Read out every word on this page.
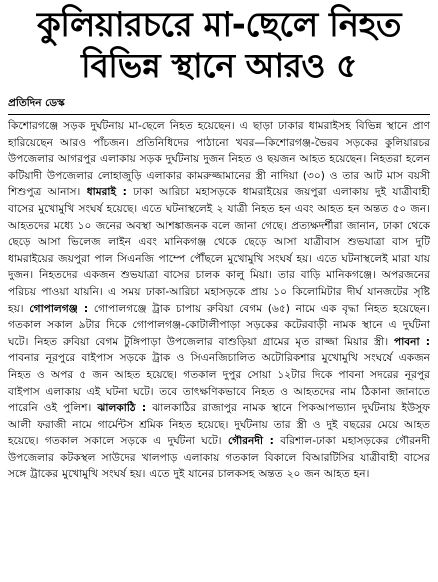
কুলিয়ারচরে মা-ছেলে নিহত
বিভিন্ন স্থানে আরও ৫
প্রতিদিন ডেস্ক

কিশোরগঞ্জে সড়ক দুর্ঘটনায় মা-ছেলে নিহত হয়েছেন। এ ছাড়া ঢাকার ধামরাইসহ বিভিন্ন স্থানে প্রাণ হারিয়েছেন আরও পাঁচজন। প্রতিনিধিদের পাঠানো খবর—কিশোরগঞ্জ-ভৈরব সড়কের কুলিয়ারচর উপজেলার আগরপুর এলাকায় সড়ক দুর্ঘটনায় দুজন নিহত ও ছয়জন আহত হয়েছেন। নিহতরা হলেন কটিয়াদী উপজেলার লোহাজুড়ি এলাকার কামরুজ্জামানের স্ত্রী নাদিয়া (৩০) ও তার আট মাস বয়সী শিশুপুত্র আনাস। ধামরাই : ঢাকা আরিচা মহাসড়কে ধামরাইয়ের জয়পুরা এলাকায় দুই যাত্রীবাহী বাসের মুখোমুখি সংঘর্ষ হয়েছে। এতে ঘটনাস্থলেই ২ যাত্রী নিহত হন এবং আহত হন অন্তত ৫০ জন। আহতদের মধ্যে ১০ জনের অবস্থা আশঙ্কাজনক বলে জানা গেছে। প্রত্যক্ষদর্শীরা জানান, ঢাকা থেকে ছেড়ে আসা ভিলেজ লাইন এবং মানিকগঞ্জ থেকে ছেড়ে আসা যাত্রীবাস শুভযাত্রা বাস দুটি ধামরাইয়ের জয়পুরা পাল সিএনজি পাম্পে পৌঁছলে মুখোমুখি সংঘর্ষ হয়। এতে ঘটনাস্থলেই মারা যায় দুজন। নিহতদের একজন শুভযাত্রা বাসের চালক কালু মিয়া। তার বাড়ি মানিকগঞ্জে। অপরজনের পরিচয় পাওয়া যায়নি। এ সময় ঢাকা-আরিচা মহাসড়কে প্রায় ১০ কিলোমিটার দীর্ঘ যানজটের সৃষ্টি হয়। গোপালগঞ্জ : গোপালগঞ্জে ট্রাক চাপায় রুবিয়া বেগম (৬৫) নামে এক বৃদ্ধা নিহত হয়েছেন। গতকাল সকাল ৯টার দিকে গোপালগঞ্জ-কোটালীপাড়া সড়কের কটেরবাড়ী নামক স্থানে এ দুর্ঘটনা ঘটে। নিহত রুবিয়া বেগম টুঙ্গিপাড়া উপজেলার বাশুড়িয়া গ্রামের মৃত রাজ্জা মিয়ার স্ত্রী। পাবনা : পাবনার নূরপুরে বাইপাস সড়কে ট্রাক ও সিএনজিচালিত অটোরিকশার মুখোমুখি সংঘর্ষে একজন নিহত ও অপর ৫ জন আহত হয়েছে। গতকাল দুপুর সোয়া ১২টার দিকে পাবনা সদরের নূরপুর বাইপাস এলাকায় এই ঘটনা ঘটে। তবে তাৎক্ষণিকভাবে নিহত ও আহতদের নাম ঠিকানা জানাতে পারেনি ওই পুলিশ। ঝালকাঠি : ঝালকাঠির রাজাপুর নামক স্থানে পিকআপভ্যান দুর্ঘটনায় ইউসুফ আলী ফরাজী নামে গার্মেন্টস শ্রমিক নিহত হয়েছে। দুর্ঘটনায় তার স্ত্রী ও দুই বছরের মেয়ে আহত হয়েছে। গতকাল সকালে সড়কে এ দুর্ঘটনা ঘটে। গৌরনদী : বরিশাল-ঢাকা মহাসড়কের গৌরনদী উপজেলার কটকস্থল সাউদের খালপাড় এলাকায় গতকাল বিকালে বিআরটিসির যাত্রীবাহী বাসের সঙ্গে ট্রাকের মুখোমুখি সংঘর্ষ হয়। এতে দুই যানের চালকসহ অন্তত ২০ জন আহত হন।
